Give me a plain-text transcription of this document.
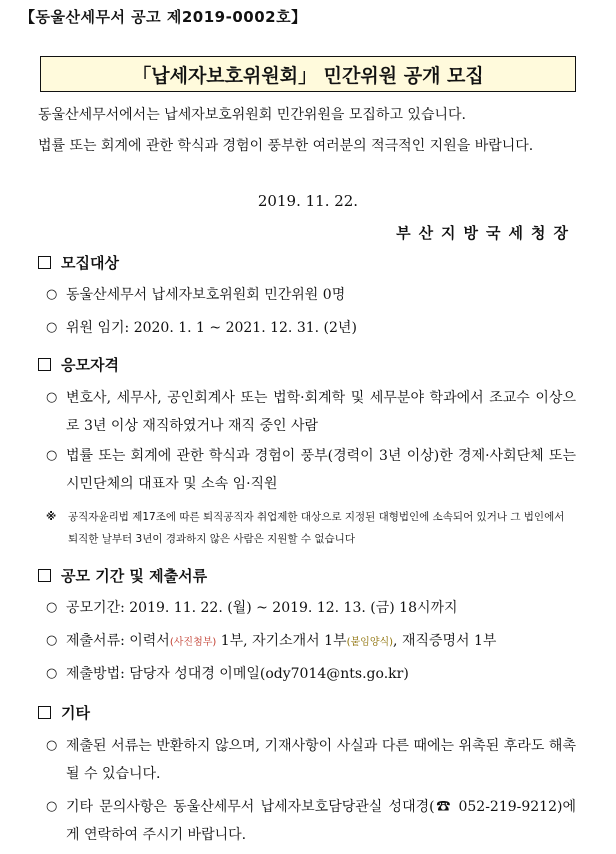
【동울산세무서 공고 제2019-0002호】
「납세자보호위원회」 민간위원 공개 모집

동울산세무서에서는 납세자보호위원회 민간위원을 모집하고 있습니다.

법률 또는 회계에 관한 학식과 경험이 풍부한 여러분의 적극적인 지원을 바랍니다.

2019. 11. 22.
부산지방국세청장
모집대상
○ 동울산세무서 납세자보호위원회 민간위원 0명
○ 위원 임기: 2020. 1. 1 ~ 2021. 12. 31. (2년)
응모자격
○ 변호사, 세무사, 공인회계사 또는 법학·회계학 및 세무분야 학과에서 조교수 이상으로 3년 이상 재직하였거나 재직 중인 사람
○ 법률 또는 회계에 관한 학식과 경험이 풍부(경력이 3년 이상)한 경제·사회단체 또는 시민단체의 대표자 및 소속 임·직원
※	공직자윤리법 제17조에 따른 퇴직공직자 취업제한 대상으로 지정된 대형법인에 소속되어 있거나 그 법인에서 퇴직한 날부터 3년이 경과하지 않은 사람은 지원할 수 없습니다
공모 기간 및 제출서류
○ 공모기간: 2019. 11. 22. (월) ~ 2019. 12. 13. (금) 18시까지
○ 제출서류: 이력서(사진첨부) 1부, 자기소개서 1부(붙임양식), 재직증명서 1부
○ 제출방법: 담당자 성대경 이메일(ody7014@nts.go.kr)
기타
○ 제출된 서류는 반환하지 않으며, 기재사항이 사실과 다른 때에는 위촉된 후라도 해촉될 수 있습니다.
○ 기타 문의사항은 동울산세무서 납세자보호담당관실 성대경(☎ 052-219-9212)에게 연락하여 주시기 바랍니다.
